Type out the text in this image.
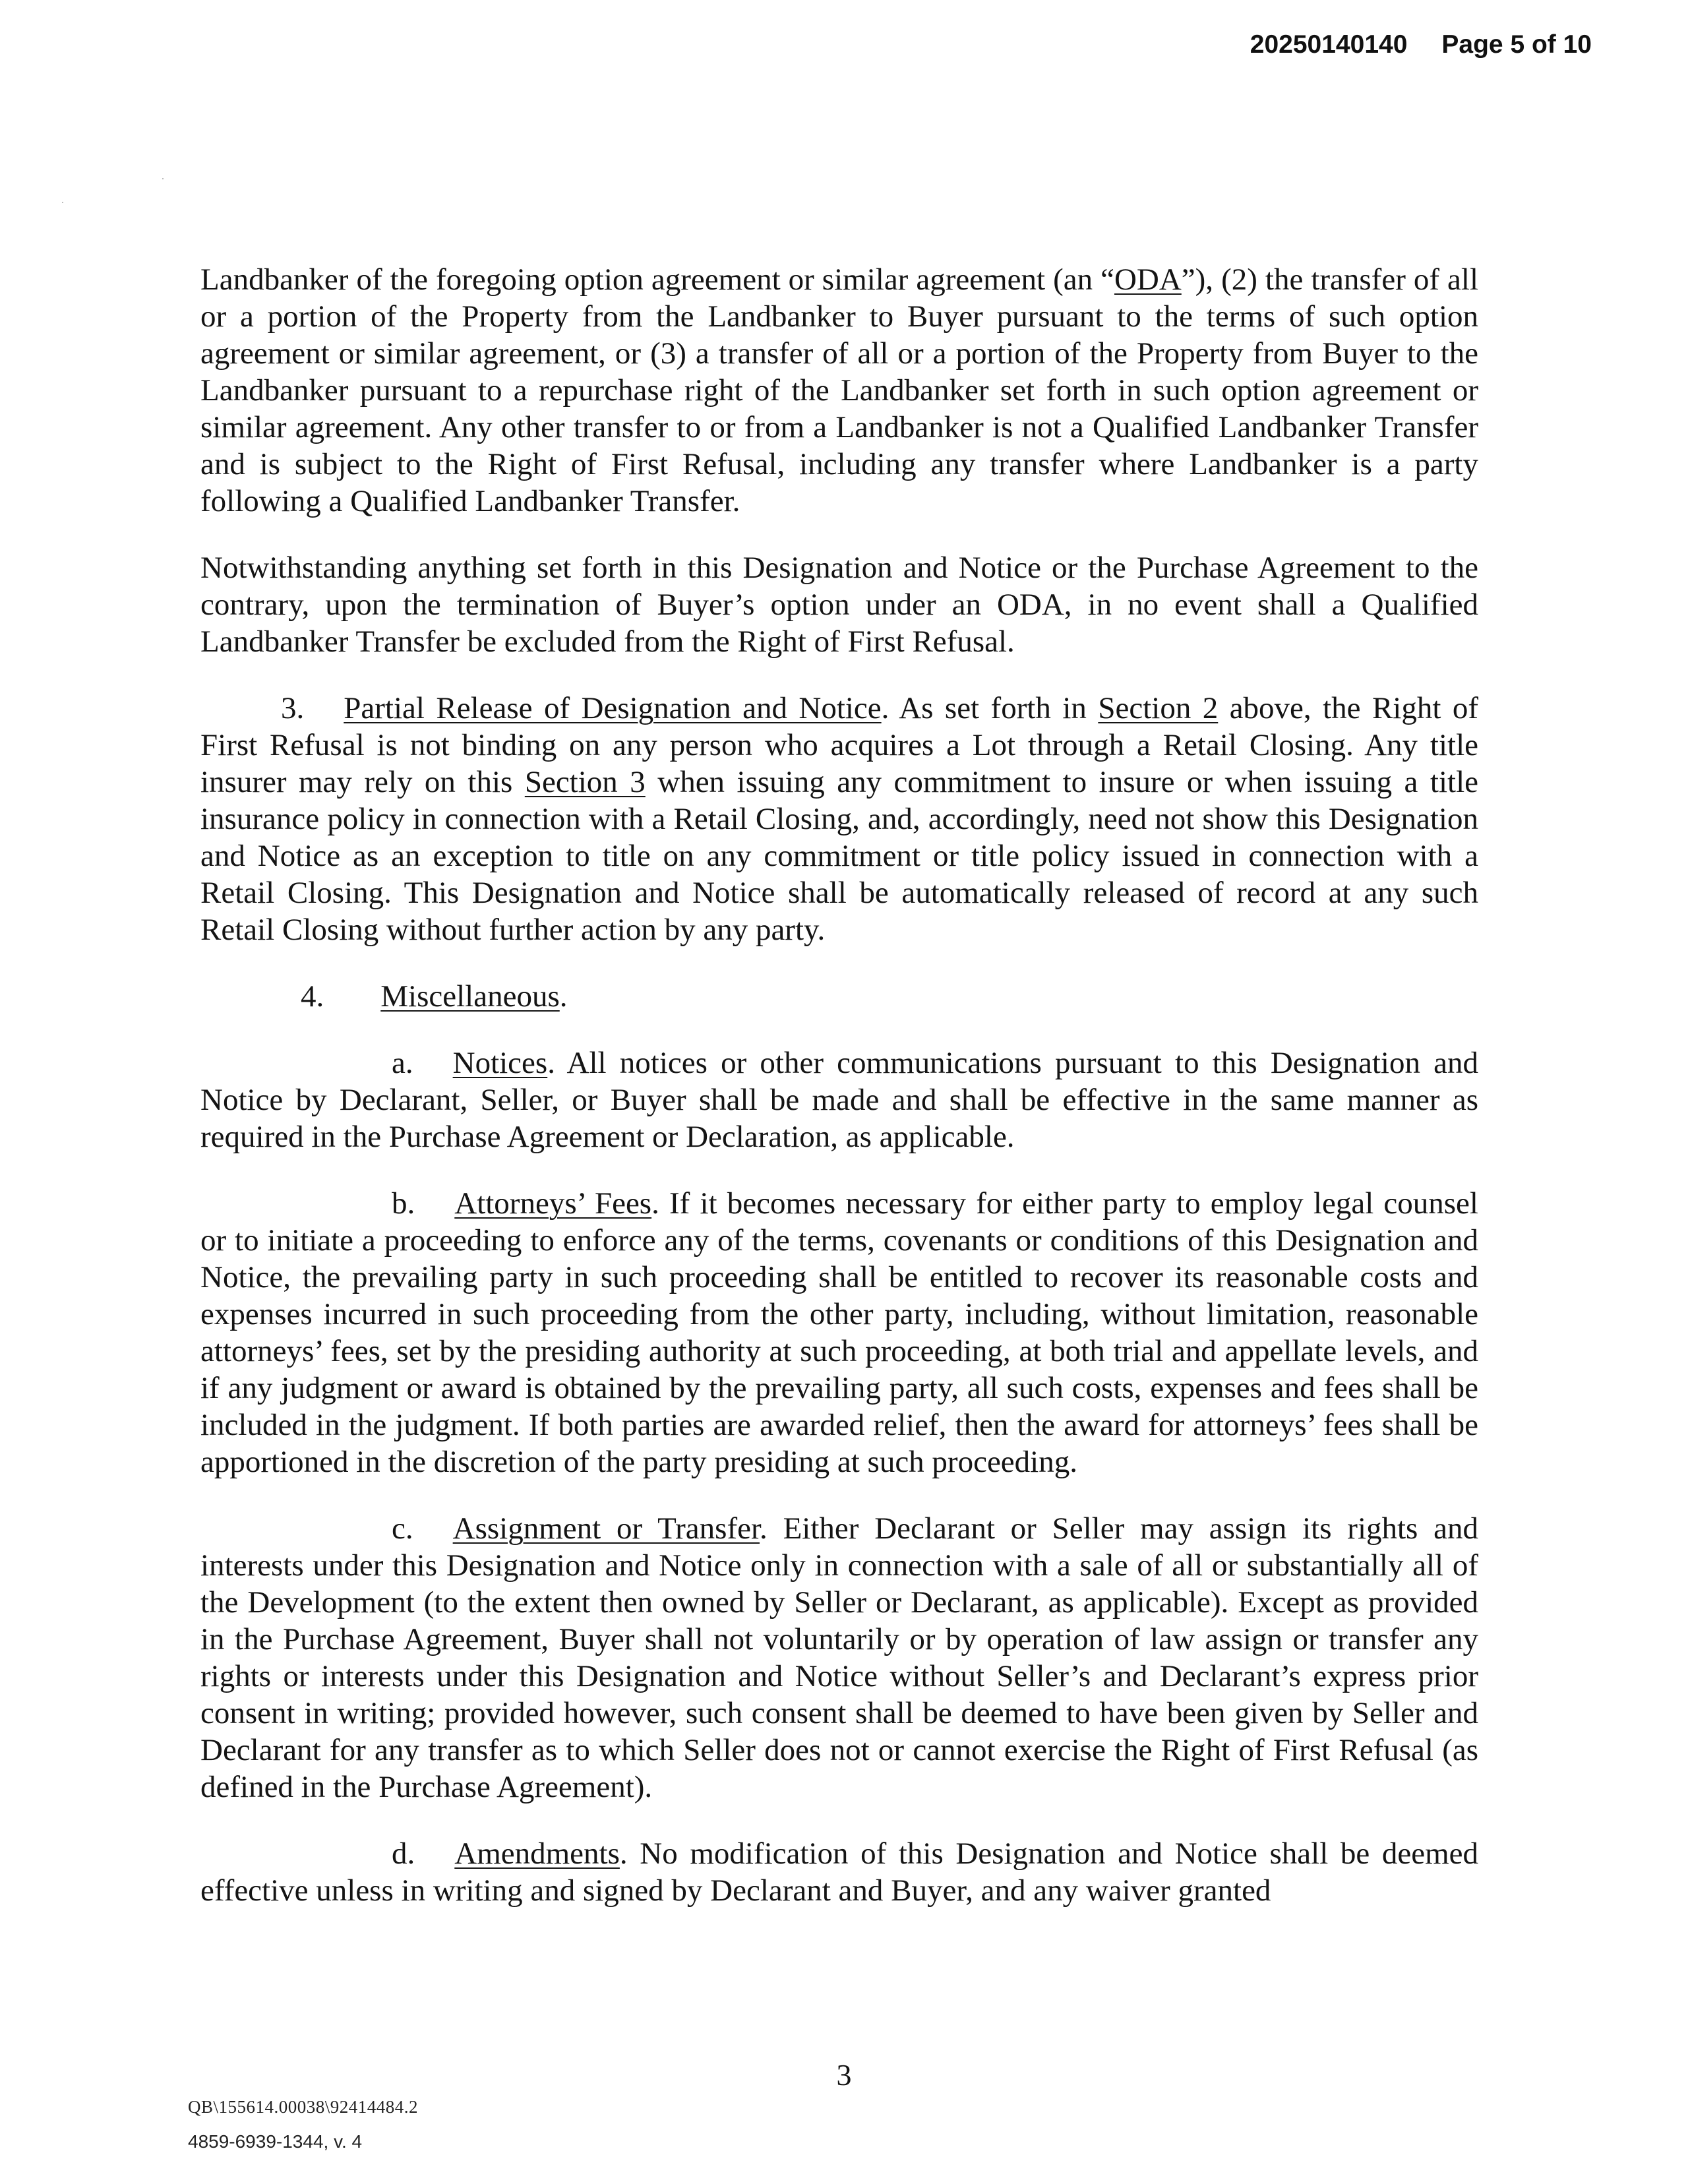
20250140140 Page 5 of 10

Landbanker of the foregoing option agreement or similar agreement (an “ODA”), (2) the transfer of all or a portion of the Property from the Landbanker to Buyer pursuant to the terms of such option agreement or similar agreement, or (3) a transfer of all or a portion of the Property from Buyer to the Landbanker pursuant to a repurchase right of the Landbanker set forth in such option agreement or similar agreement. Any other transfer to or from a Landbanker is not a Qualified Landbanker Transfer and is subject to the Right of First Refusal, including any transfer where Landbanker is a party following a Qualified Landbanker Transfer.

Notwithstanding anything set forth in this Designation and Notice or the Purchase Agreement to the contrary, upon the termination of Buyer’s option under an ODA, in no event shall a Qualified Landbanker Transfer be excluded from the Right of First Refusal.

3. Partial Release of Designation and Notice. As set forth in Section 2 above, the Right of First Refusal is not binding on any person who acquires a Lot through a Retail Closing. Any title insurer may rely on this Section 3 when issuing any commitment to insure or when issuing a title insurance policy in connection with a Retail Closing, and, accordingly, need not show this Designation and Notice as an exception to title on any commitment or title policy issued in connection with a Retail Closing. This Designation and Notice shall be automatically released of record at any such Retail Closing without further action by any party.

4. Miscellaneous.

a. Notices. All notices or other communications pursuant to this Designation and Notice by Declarant, Seller, or Buyer shall be made and shall be effective in the same manner as required in the Purchase Agreement or Declaration, as applicable.

b. Attorneys’ Fees. If it becomes necessary for either party to employ legal counsel or to initiate a proceeding to enforce any of the terms, covenants or conditions of this Designation and Notice, the prevailing party in such proceeding shall be entitled to recover its reasonable costs and expenses incurred in such proceeding from the other party, including, without limitation, reasonable attorneys’ fees, set by the presiding authority at such proceeding, at both trial and appellate levels, and if any judgment or award is obtained by the prevailing party, all such costs, expenses and fees shall be included in the judgment. If both parties are awarded relief, then the award for attorneys’ fees shall be apportioned in the discretion of the party presiding at such proceeding.

c. Assignment or Transfer. Either Declarant or Seller may assign its rights and interests under this Designation and Notice only in connection with a sale of all or substantially all of the Development (to the extent then owned by Seller or Declarant, as applicable). Except as provided in the Purchase Agreement, Buyer shall not voluntarily or by operation of law assign or transfer any rights or interests under this Designation and Notice without Seller’s and Declarant’s express prior consent in writing; provided however, such consent shall be deemed to have been given by Seller and Declarant for any transfer as to which Seller does not or cannot exercise the Right of First Refusal (as defined in the Purchase Agreement).

d. Amendments. No modification of this Designation and Notice shall be deemed effective unless in writing and signed by Declarant and Buyer, and any waiver granted

3
QB\155614.00038\92414484.2
4859-6939-1344, v. 4
